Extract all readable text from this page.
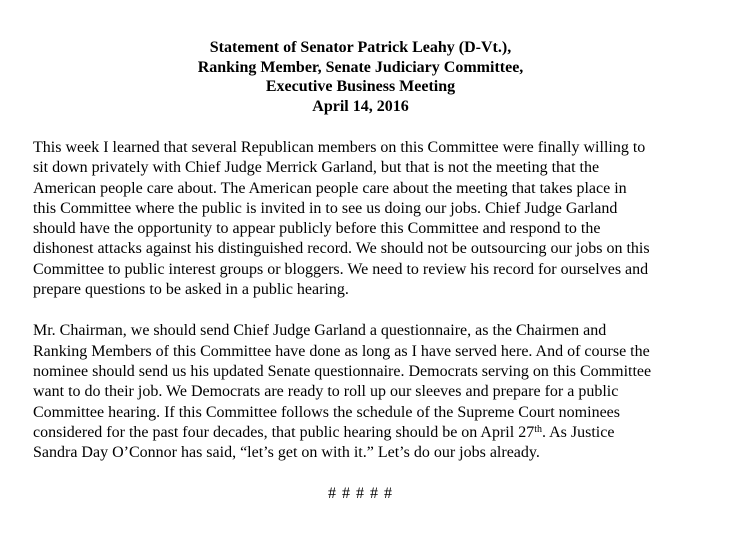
Statement of Senator Patrick Leahy (D-Vt.),
Ranking Member, Senate Judiciary Committee,
Executive Business Meeting
April 14, 2016

This week I learned that several Republican members on this Committee were finally willing to
sit down privately with Chief Judge Merrick Garland, but that is not the meeting that the
American people care about. The American people care about the meeting that takes place in
this Committee where the public is invited in to see us doing our jobs. Chief Judge Garland
should have the opportunity to appear publicly before this Committee and respond to the
dishonest attacks against his distinguished record. We should not be outsourcing our jobs on this
Committee to public interest groups or bloggers. We need to review his record for ourselves and
prepare questions to be asked in a public hearing.

Mr. Chairman, we should send Chief Judge Garland a questionnaire, as the Chairmen and
Ranking Members of this Committee have done as long as I have served here. And of course the
nominee should send us his updated Senate questionnaire. Democrats serving on this Committee
want to do their job. We Democrats are ready to roll up our sleeves and prepare for a public
Committee hearing. If this Committee follows the schedule of the Supreme Court nominees
considered for the past four decades, that public hearing should be on April 27th. As Justice
Sandra Day O’Connor has said, “let’s get on with it.” Let’s do our jobs already.

# # # # #
